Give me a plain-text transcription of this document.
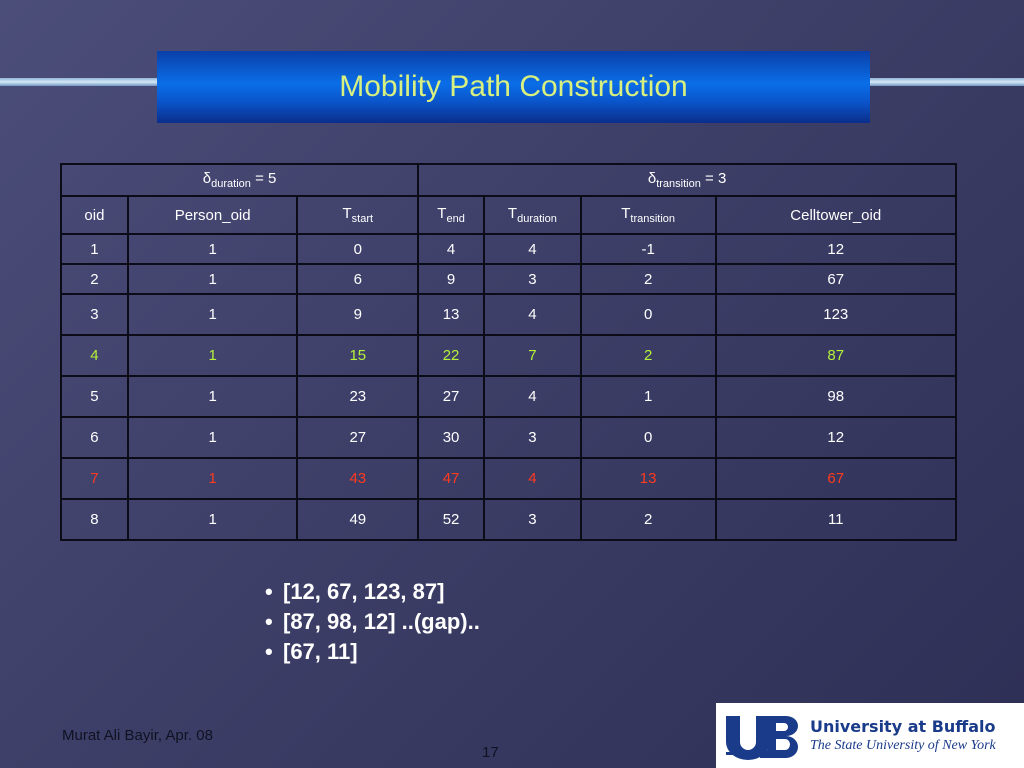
Mobility Path Construction
$\delta_{duration} = 5$			$\delta_{transition} = 3$			
oid	Person_oid	$T_{start}$	$T_{end}$	$T_{duration}$	$T_{transition}$	Celltower_oid
1	1	0	4	4	-1	12
2	1	6	9	3	2	67
3	1	9	13	4	0	123
4	1	15	22	7	2	87
5	1	23	27	4	1	98
6	1	27	30	3	0	12
7	1	43	47	4	13	67
8	1	49	52	3	2	11
• [12, 67, 123, 87]
• [87, 98, 12] ..(gap)..
• [67, 11]
Murat Ali Bayir, Apr. 08
17
University at Buffalo
The State University of New York
